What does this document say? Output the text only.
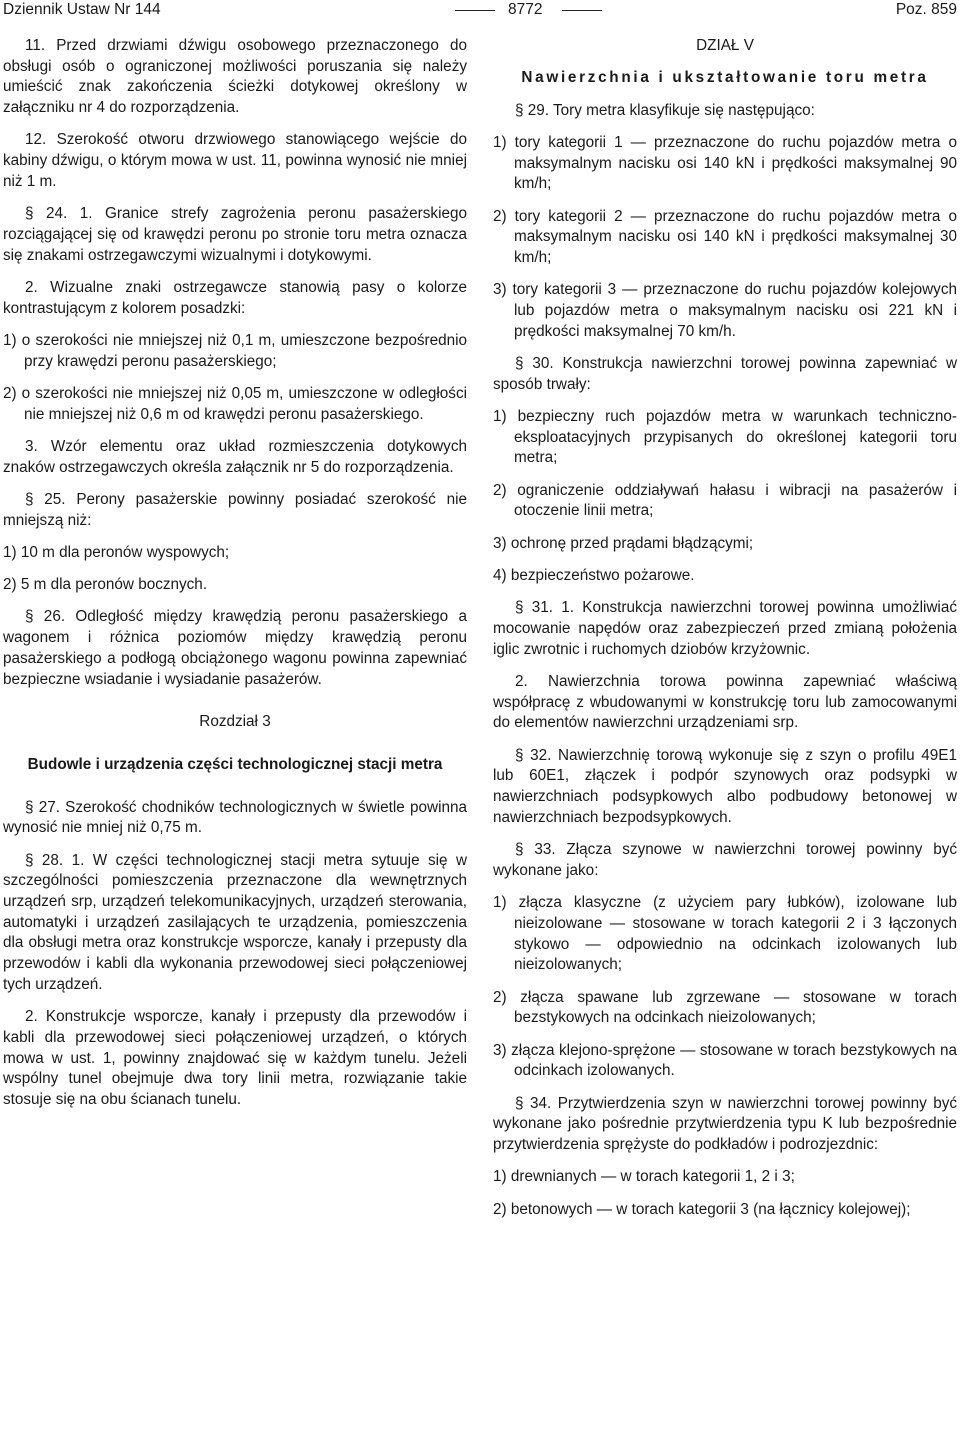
Dziennik Ustaw Nr 144	8772	Poz. 859

11. Przed drzwiami dźwigu osobowego przeznaczonego do obsługi osób o ograniczonej możliwości poruszania się należy umieścić znak zakończenia ścieżki dotykowej określony w załączniku nr 4 do rozporządzenia.

12. Szerokość otworu drzwiowego stanowiącego wejście do kabiny dźwigu, o którym mowa w ust. 11, powinna wynosić nie mniej niż 1 m.

§ 24. 1. Granice strefy zagrożenia peronu pasażerskiego rozciągającej się od krawędzi peronu po stronie toru metra oznacza się znakami ostrzegawczymi wizualnymi i dotykowymi.

2. Wizualne znaki ostrzegawcze stanowią pasy o kolorze kontrastującym z kolorem posadzki:

1) o szerokości nie mniejszej niż 0,1 m, umieszczone bezpośrednio przy krawędzi peronu pasażerskiego;

2) o szerokości nie mniejszej niż 0,05 m, umieszczone w odległości nie mniejszej niż 0,6 m od krawędzi peronu pasażerskiego.

3. Wzór elementu oraz układ rozmieszczenia dotykowych znaków ostrzegawczych określa załącznik nr 5 do rozporządzenia.

§ 25. Perony pasażerskie powinny posiadać szerokość nie mniejszą niż:

1) 10 m dla peronów wyspowych;

2) 5 m dla peronów bocznych.

§ 26. Odległość między krawędzią peronu pasażerskiego a wagonem i różnica poziomów między krawędzią peronu pasażerskiego a podłogą obciążonego wagonu powinna zapewniać bezpieczne wsiadanie i wysiadanie pasażerów.

Rozdział 3

Budowle i urządzenia części technologicznej stacji metra

§ 27. Szerokość chodników technologicznych w świetle powinna wynosić nie mniej niż 0,75 m.

§ 28. 1. W części technologicznej stacji metra sytuuje się w szczególności pomieszczenia przeznaczone dla wewnętrznych urządzeń srp, urządzeń telekomunikacyjnych, urządzeń sterowania, automatyki i urządzeń zasilających te urządzenia, pomieszczenia dla obsługi metra oraz konstrukcje wsporcze, kanały i przepusty dla przewodów i kabli dla wykonania przewodowej sieci połączeniowej tych urządzeń.

2. Konstrukcje wsporcze, kanały i przepusty dla przewodów i kabli dla przewodowej sieci połączeniowej urządzeń, o których mowa w ust. 1, powinny znajdować się w każdym tunelu. Jeżeli wspólny tunel obejmuje dwa tory linii metra, rozwiązanie takie stosuje się na obu ścianach tunelu.

DZIAŁ V

Nawierzchnia i ukształtowanie toru metra

§ 29. Tory metra klasyfikuje się następująco:

1) tory kategorii 1 — przeznaczone do ruchu pojazdów metra o maksymalnym nacisku osi 140 kN i prędkości maksymalnej 90 km/h;

2) tory kategorii 2 — przeznaczone do ruchu pojazdów metra o maksymalnym nacisku osi 140 kN i prędkości maksymalnej 30 km/h;

3) tory kategorii 3 — przeznaczone do ruchu pojazdów kolejowych lub pojazdów metra o maksymalnym nacisku osi 221 kN i prędkości maksymalnej 70 km/h.

§ 30. Konstrukcja nawierzchni torowej powinna zapewniać w sposób trwały:

1) bezpieczny ruch pojazdów metra w warunkach techniczno-eksploatacyjnych przypisanych do określonej kategorii toru metra;

2) ograniczenie oddziaływań hałasu i wibracji na pasażerów i otoczenie linii metra;

3) ochronę przed prądami błądzącymi;

4) bezpieczeństwo pożarowe.

§ 31. 1. Konstrukcja nawierzchni torowej powinna umożliwiać mocowanie napędów oraz zabezpieczeń przed zmianą położenia iglic zwrotnic i ruchomych dziobów krzyżownic.

2. Nawierzchnia torowa powinna zapewniać właściwą współpracę z wbudowanymi w konstrukcję toru lub zamocowanymi do elementów nawierzchni urządzeniami srp.

§ 32. Nawierzchnię torową wykonuje się z szyn o profilu 49E1 lub 60E1, złączek i podpór szynowych oraz podsypki w nawierzchniach podsypkowych albo podbudowy betonowej w nawierzchniach bezpodsypkowych.

§ 33. Złącza szynowe w nawierzchni torowej powinny być wykonane jako:

1) złącza klasyczne (z użyciem pary łubków), izolowane lub nieizolowane — stosowane w torach kategorii 2 i 3 łączonych stykowo — odpowiednio na odcinkach izolowanych lub nieizolowanych;

2) złącza spawane lub zgrzewane — stosowane w torach bezstykowych na odcinkach nieizolowanych;

3) złącza klejono-sprężone — stosowane w torach bezstykowych na odcinkach izolowanych.

§ 34. Przytwierdzenia szyn w nawierzchni torowej powinny być wykonane jako pośrednie przytwierdzenia typu K lub bezpośrednie przytwierdzenia sprężyste do podkładów i podrozjezdnic:

1) drewnianych — w torach kategorii 1, 2 i 3;

2) betonowych — w torach kategorii 3 (na łącznicy kolejowej);
